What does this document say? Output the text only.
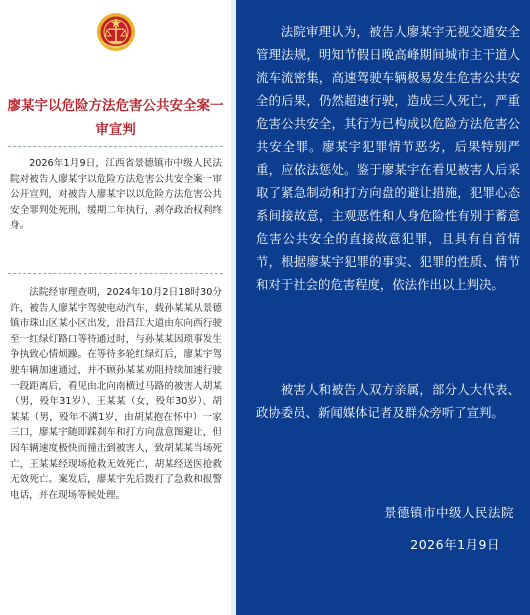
廖某宇以危险方法危害公共安全案一审宣判

2026年1月9日，江西省景德镇市中级人民法院对被告人廖某宇以危险方法危害公共安全案一审公开宣判，对被告人廖某宇以以危险方法危害公共安全罪判处死刑，缓期二年执行，剥夺政治权利终身。

法院经审理查明，2024年10月2日18时30分许，被告人廖某宇驾驶电动汽车，载孙某某从景德镇市珠山区某小区出发，沿昌江大道由东向西行驶至一红绿灯路口等待通过时，与孙某某因琐事发生争执致心情烦躁。在等待多轮红绿灯后，廖某宇驾驶车辆加速通过，并不顾孙某某劝阻持续加速行驶一段距离后，看见由北向南横过马路的被害人胡某（男，殁年31岁）、王某某（女，殁年30岁）、胡某某（男，殁年不满1岁，由胡某抱在怀中）一家三口，廖某宇随即踩刹车和打方向盘意图避让，但因车辆速度极快而撞击到被害人，致胡某某当场死亡，王某某经现场抢救无效死亡，胡某经送医抢救无效死亡。案发后，廖某宇先后拨打了急救和报警电话，并在现场等候处理。

法院审理认为，被告人廖某宇无视交通安全管理法规，明知节假日晚高峰期间城市主干道人流车流密集，高速驾驶车辆极易发生危害公共安全的后果，仍然超速行驶，造成三人死亡，严重危害公共安全，其行为已构成以危险方法危害公共安全罪。廖某宇犯罪情节恶劣，后果特别严重，应依法惩处。鉴于廖某宇在看见被害人后采取了紧急制动和打方向盘的避让措施，犯罪心态系间接故意，主观恶性和人身危险性有别于蓄意危害公共安全的直接故意犯罪，且具有自首情节，根据廖某宇犯罪的事实、犯罪的性质、情节和对于社会的危害程度，依法作出以上判决。

被害人和被告人双方亲属，部分人大代表、政协委员、新闻媒体记者及群众旁听了宣判。

景德镇市中级人民法院
2026年1月9日
